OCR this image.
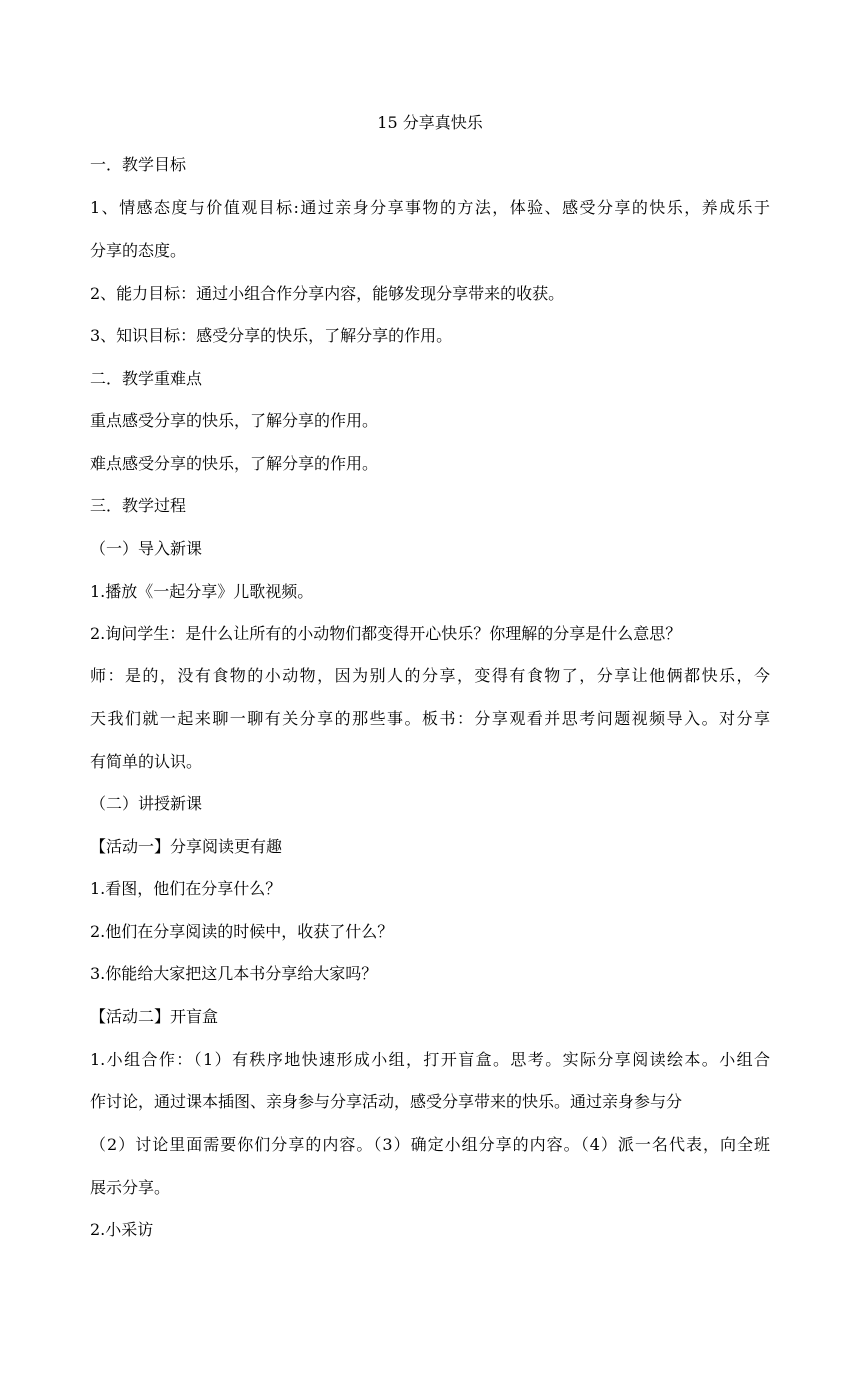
15 分享真快乐
一．教学目标
1、情感态度与价值观目标:通过亲身分享事物的方法，体验、感受分享的快乐，养成乐于
分享的态度。
2、能力目标：通过小组合作分享内容，能够发现分享带来的收获。
3、知识目标：感受分享的快乐，了解分享的作用。
二．教学重难点
重点感受分享的快乐，了解分享的作用。
难点感受分享的快乐，了解分享的作用。
三．教学过程
（一）导入新课
1.播放《一起分享》儿歌视频。
2.询问学生：是什么让所有的小动物们都变得开心快乐？你理解的分享是什么意思？
师：是的，没有食物的小动物，因为别人的分享，变得有食物了，分享让他俩都快乐，今
天我们就一起来聊一聊有关分享的那些事。板书：分享观看并思考问题视频导入。对分享
有简单的认识。
（二）讲授新课
【活动一】分享阅读更有趣
1.看图，他们在分享什么？
2.他们在分享阅读的时候中，收获了什么？
3.你能给大家把这几本书分享给大家吗？
【活动二】开盲盒
1.小组合作：（1）有秩序地快速形成小组，打开盲盒。思考。实际分享阅读绘本。小组合
作讨论，通过课本插图、亲身参与分享活动，感受分享带来的快乐。通过亲身参与分
（2）讨论里面需要你们分享的内容。（3）确定小组分享的内容。（4）派一名代表，向全班
展示分享。
2.小采访
